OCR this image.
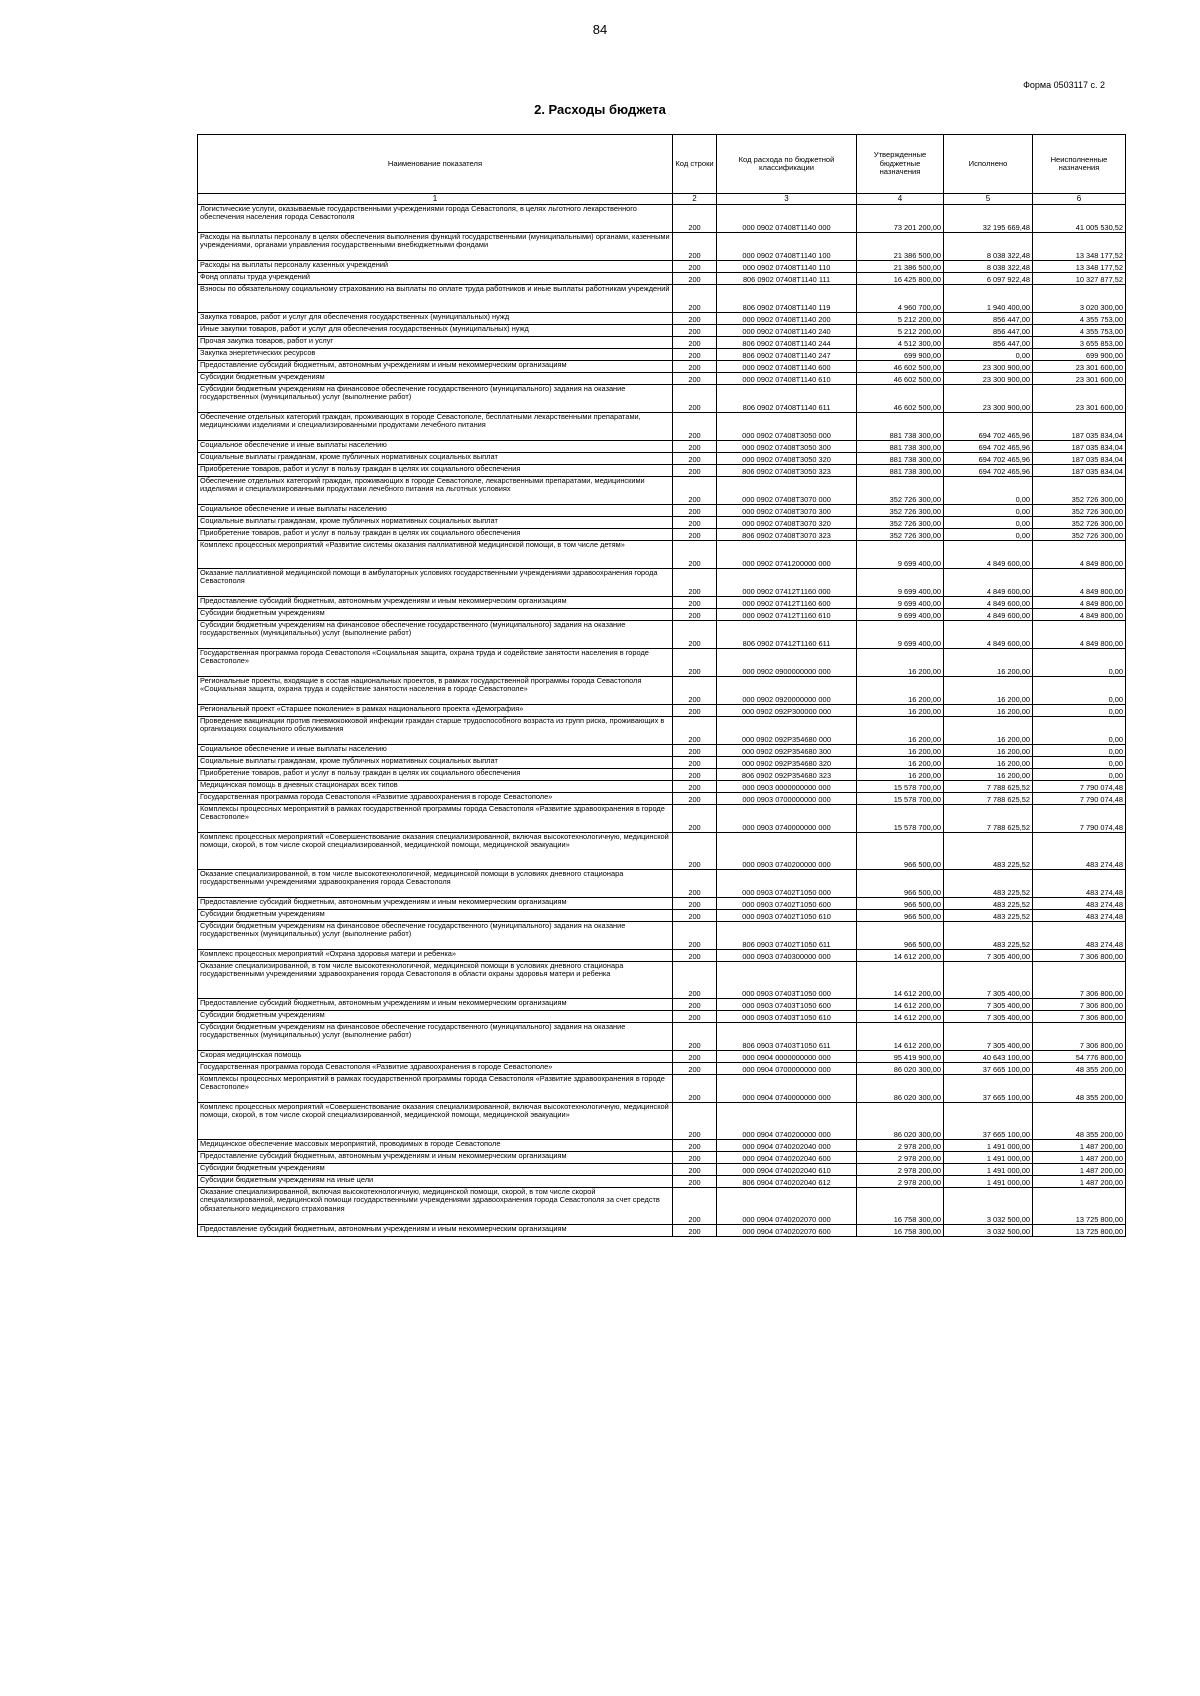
84
Форма 0503117 с. 2
2. Расходы бюджета
Наименование показателя	Код строки	Код расхода по бюджетной классификации	Утвержденные бюджетные назначения	Исполнено	Неисполненные назначения
1	2	3	4	5	6
Логистические услуги, оказываемые государственными учреждениями города Севастополя, в целях льготного лекарственного обеспечения населения города Севастополя	200	000 0902 07408T1140 000	73 201 200,00	32 195 669,48	41 005 530,52
Расходы на выплаты персоналу в целях обеспечения выполнения функций государственными (муниципальными) органами, казенными учреждениями, органами управления государственными внебюджетными фондами	200	000 0902 07408T1140 100	21 386 500,00	8 038 322,48	13 348 177,52
Расходы на выплаты персоналу казенных учреждений	200	000 0902 07408T1140 110	21 386 500,00	8 038 322,48	13 348 177,52
Фонд оплаты труда учреждений	200	806 0902 07408T1140 111	16 425 800,00	6 097 922,48	10 327 877,52
Взносы по обязательному социальному страхованию на выплаты по оплате труда работников и иные выплаты работникам учреждений	200	806 0902 07408T1140 119	4 960 700,00	1 940 400,00	3 020 300,00
Закупка товаров, работ и услуг для обеспечения государственных (муниципальных) нужд	200	000 0902 07408T1140 200	5 212 200,00	856 447,00	4 355 753,00
Иные закупки товаров, работ и услуг для обеспечения государственных (муниципальных) нужд	200	000 0902 07408T1140 240	5 212 200,00	856 447,00	4 355 753,00
Прочая закупка товаров, работ и услуг	200	806 0902 07408T1140 244	4 512 300,00	856 447,00	3 655 853,00
Закупка энергетических ресурсов	200	806 0902 07408T1140 247	699 900,00	0,00	699 900,00
Предоставление субсидий бюджетным, автономным учреждениям и иным некоммерческим организациям	200	000 0902 07408T1140 600	46 602 500,00	23 300 900,00	23 301 600,00
Субсидии бюджетным учреждениям	200	000 0902 07408T1140 610	46 602 500,00	23 300 900,00	23 301 600,00
Субсидии бюджетным учреждениям на финансовое обеспечение государственного (муниципального) задания на оказание государственных (муниципальных) услуг (выполнение работ)	200	806 0902 07408T1140 611	46 602 500,00	23 300 900,00	23 301 600,00
Обеспечение отдельных категорий граждан, проживающих в городе Севастополе, бесплатными лекарственными препаратами, медицинскими изделиями и специализированными продуктами лечебного питания	200	000 0902 07408T3050 000	881 738 300,00	694 702 465,96	187 035 834,04
Социальное обеспечение и иные выплаты населению	200	000 0902 07408T3050 300	881 738 300,00	694 702 465,96	187 035 834,04
Социальные выплаты гражданам, кроме публичных нормативных социальных выплат	200	000 0902 07408T3050 320	881 738 300,00	694 702 465,96	187 035 834,04
Приобретение товаров, работ и услуг в пользу граждан в целях их социального обеспечения	200	806 0902 07408T3050 323	881 738 300,00	694 702 465,96	187 035 834,04
Обеспечение отдельных категорий граждан, проживающих в городе Севастополе, лекарственными препаратами, медицинскими изделиями и специализированными продуктами лечебного питания на льготных условиях	200	000 0902 07408T3070 000	352 726 300,00	0,00	352 726 300,00
Социальное обеспечение и иные выплаты населению	200	000 0902 07408T3070 300	352 726 300,00	0,00	352 726 300,00
Социальные выплаты гражданам, кроме публичных нормативных социальных выплат	200	000 0902 07408T3070 320	352 726 300,00	0,00	352 726 300,00
Приобретение товаров, работ и услуг в пользу граждан в целях их социального обеспечения	200	806 0902 07408T3070 323	352 726 300,00	0,00	352 726 300,00
Комплекс процессных мероприятий «Развитие системы оказания паллиативной медицинской помощи, в том числе детям»	200	000 0902 0741200000 000	9 699 400,00	4 849 600,00	4 849 800,00
Оказание паллиативной медицинской помощи в амбулаторных условиях государственными учреждениями здравоохранения города Севастополя	200	000 0902 07412T1160 000	9 699 400,00	4 849 600,00	4 849 800,00
Предоставление субсидий бюджетным, автономным учреждениям и иным некоммерческим организациям	200	000 0902 07412T1160 600	9 699 400,00	4 849 600,00	4 849 800,00
Субсидии бюджетным учреждениям	200	000 0902 07412T1160 610	9 699 400,00	4 849 600,00	4 849 800,00
Субсидии бюджетным учреждениям на финансовое обеспечение государственного (муниципального) задания на оказание государственных (муниципальных) услуг (выполнение работ)	200	806 0902 07412T1160 611	9 699 400,00	4 849 600,00	4 849 800,00
Государственная программа города Севастополя «Социальная защита, охрана труда и содействие занятости населения в городе Севастополе»	200	000 0902 0900000000 000	16 200,00	16 200,00	0,00
Региональные проекты, входящие в состав национальных проектов, в рамках государственной программы города Севастополя «Социальная защита, охрана труда и содействие занятости населения в городе Севастополе»	200	000 0902 0920000000 000	16 200,00	16 200,00	0,00
Региональный проект «Старшее поколение» в рамках национального проекта «Демография»	200	000 0902 092P300000 000	16 200,00	16 200,00	0,00
Проведение вакцинации против пневмококковой инфекции граждан старше трудоспособного возраста из групп риска, проживающих в организациях социального обслуживания	200	000 0902 092P354680 000	16 200,00	16 200,00	0,00
Социальное обеспечение и иные выплаты населению	200	000 0902 092P354680 300	16 200,00	16 200,00	0,00
Социальные выплаты гражданам, кроме публичных нормативных социальных выплат	200	000 0902 092P354680 320	16 200,00	16 200,00	0,00
Приобретение товаров, работ и услуг в пользу граждан в целях их социального обеспечения	200	806 0902 092P354680 323	16 200,00	16 200,00	0,00
Медицинская помощь в дневных стационарах всех типов	200	000 0903 0000000000 000	15 578 700,00	7 788 625,52	7 790 074,48
Государственная программа города Севастополя «Развитие здравоохранения в городе Севастополе»	200	000 0903 0700000000 000	15 578 700,00	7 788 625,52	7 790 074,48
Комплексы процессных мероприятий в рамках государственной программы города Севастополя «Развитие здравоохранения в городе Севастополе»	200	000 0903 0740000000 000	15 578 700,00	7 788 625,52	7 790 074,48
Комплекс процессных мероприятий «Совершенствование оказания специализированной, включая высокотехнологичную, медицинской помощи, скорой, в том числе скорой специализированной, медицинской помощи, медицинской эвакуации»	200	000 0903 0740200000 000	966 500,00	483 225,52	483 274,48
Оказание специализированной, в том числе высокотехнологичной, медицинской помощи в условиях дневного стационара государственными учреждениями здравоохранения города Севастополя	200	000 0903 07402T1050 000	966 500,00	483 225,52	483 274,48
Предоставление субсидий бюджетным, автономным учреждениям и иным некоммерческим организациям	200	000 0903 07402T1050 600	966 500,00	483 225,52	483 274,48
Субсидии бюджетным учреждениям	200	000 0903 07402T1050 610	966 500,00	483 225,52	483 274,48
Субсидии бюджетным учреждениям на финансовое обеспечение государственного (муниципального) задания на оказание государственных (муниципальных) услуг (выполнение работ)	200	806 0903 07402T1050 611	966 500,00	483 225,52	483 274,48
Комплекс процессных мероприятий «Охрана здоровья матери и ребенка»	200	000 0903 0740300000 000	14 612 200,00	7 305 400,00	7 306 800,00
Оказание специализированной, в том числе высокотехнологичной, медицинской помощи в условиях дневного стационара государственными учреждениями здравоохранения города Севастополя в области охраны здоровья матери и ребенка	200	000 0903 07403T1050 000	14 612 200,00	7 305 400,00	7 306 800,00
Предоставление субсидий бюджетным, автономным учреждениям и иным некоммерческим организациям	200	000 0903 07403T1050 600	14 612 200,00	7 305 400,00	7 306 800,00
Субсидии бюджетным учреждениям	200	000 0903 07403T1050 610	14 612 200,00	7 305 400,00	7 306 800,00
Субсидии бюджетным учреждениям на финансовое обеспечение государственного (муниципального) задания на оказание государственных (муниципальных) услуг (выполнение работ)	200	806 0903 07403T1050 611	14 612 200,00	7 305 400,00	7 306 800,00
Скорая медицинская помощь	200	000 0904 0000000000 000	95 419 900,00	40 643 100,00	54 776 800,00
Государственная программа города Севастополя «Развитие здравоохранения в городе Севастополе»	200	000 0904 0700000000 000	86 020 300,00	37 665 100,00	48 355 200,00
Комплексы процессных мероприятий в рамках государственной программы города Севастополя «Развитие здравоохранения в городе Севастополе»	200	000 0904 0740000000 000	86 020 300,00	37 665 100,00	48 355 200,00
Комплекс процессных мероприятий «Совершенствование оказания специализированной, включая высокотехнологичную, медицинской помощи, скорой, в том числе скорой специализированной, медицинской помощи, медицинской эвакуации»	200	000 0904 0740200000 000	86 020 300,00	37 665 100,00	48 355 200,00
Медицинское обеспечение массовых мероприятий, проводимых в городе Севастополе	200	000 0904 0740202040 000	2 978 200,00	1 491 000,00	1 487 200,00
Предоставление субсидий бюджетным, автономным учреждениям и иным некоммерческим организациям	200	000 0904 0740202040 600	2 978 200,00	1 491 000,00	1 487 200,00
Субсидии бюджетным учреждениям	200	000 0904 0740202040 610	2 978 200,00	1 491 000,00	1 487 200,00
Субсидии бюджетным учреждениям на иные цели	200	806 0904 0740202040 612	2 978 200,00	1 491 000,00	1 487 200,00
Оказание специализированной, включая высокотехнологичную, медицинской помощи, скорой, в том числе скорой специализированной, медицинской помощи государственными учреждениями здравоохранения города Севастополя за счет средств обязательного медицинского страхования	200	000 0904 0740202070 000	16 758 300,00	3 032 500,00	13 725 800,00
Предоставление субсидий бюджетным, автономным учреждениям и иным некоммерческим организациям	200	000 0904 0740202070 600	16 758 300,00	3 032 500,00	13 725 800,00
